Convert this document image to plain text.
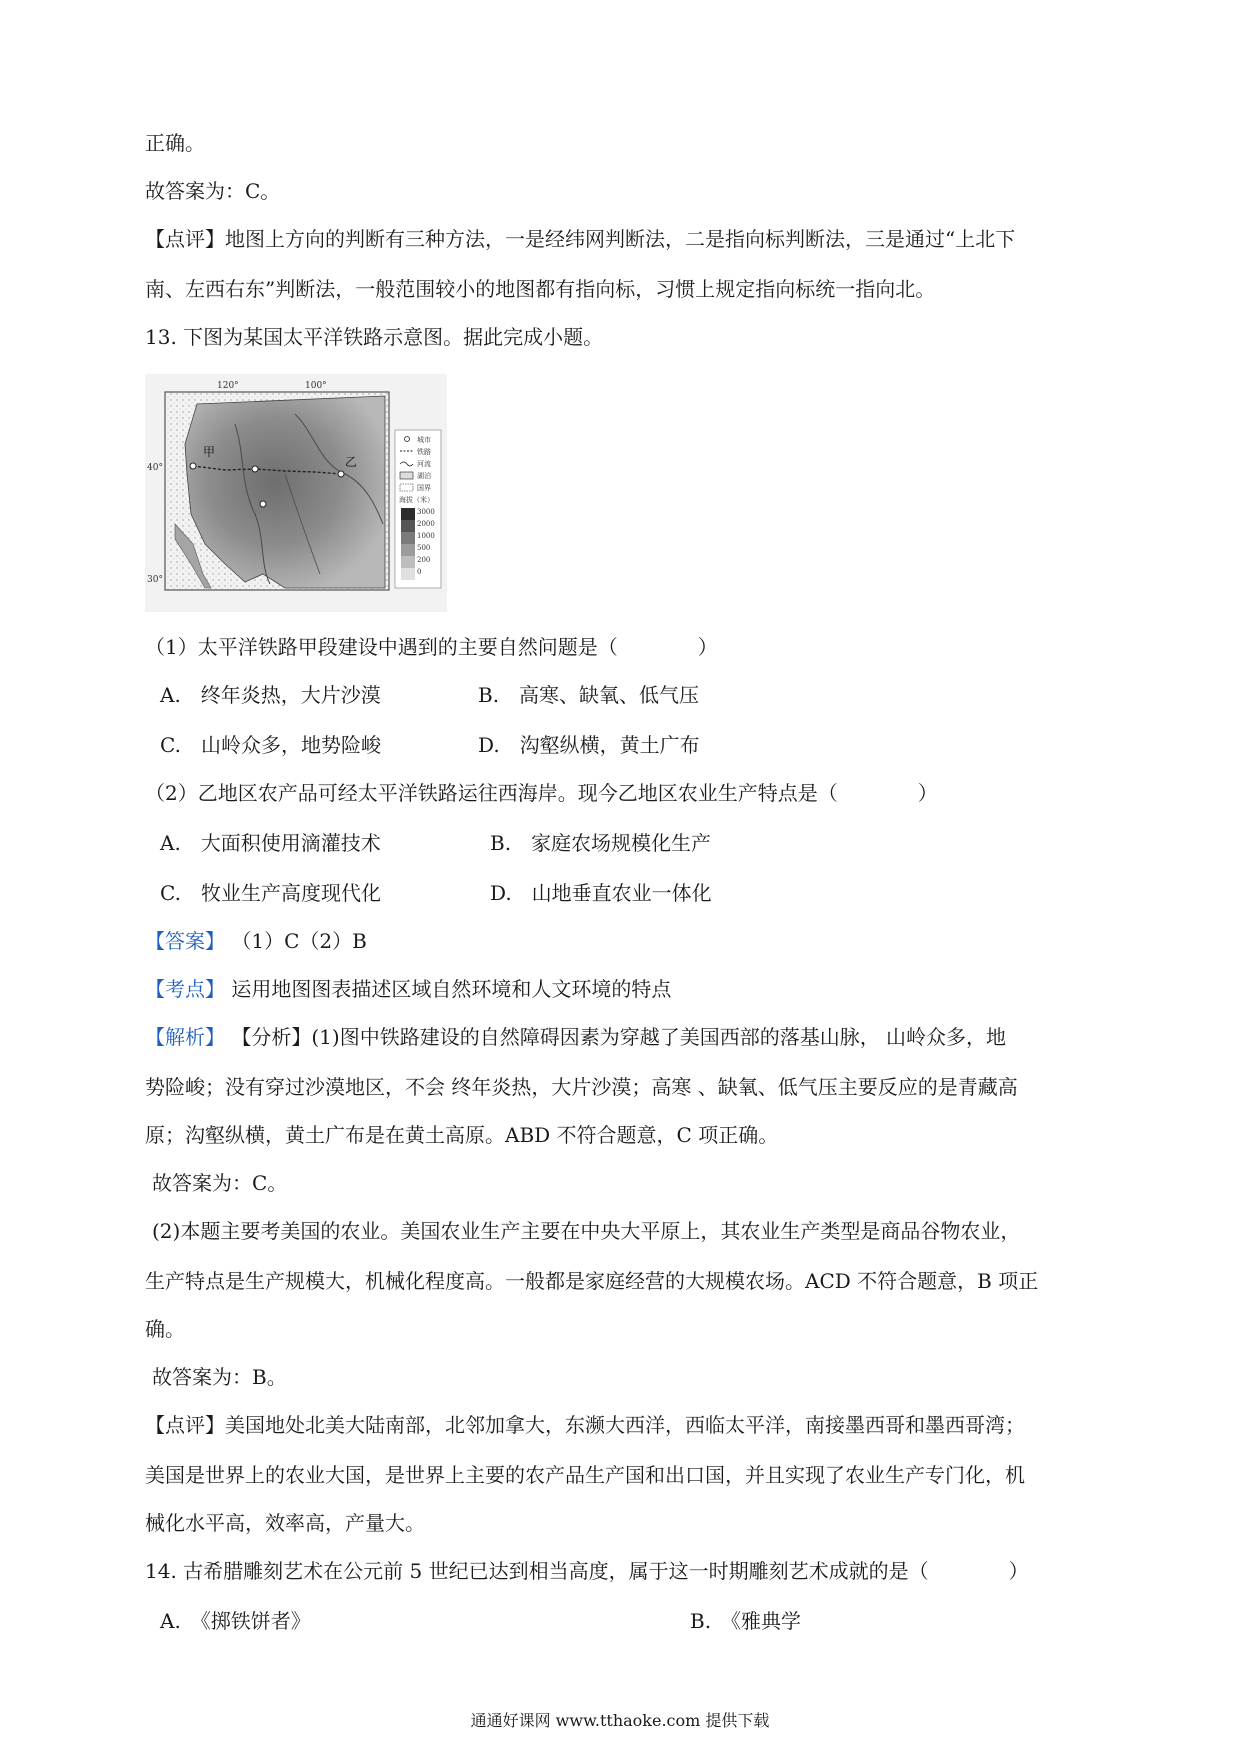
正确。
故答案为：C。
【点评】地图上方向的判断有三种方法，一是经纬网判断法，二是指向标判断法，三是通过“上北下
南、左西右东”判断法，一般范围较小的地图都有指向标，习惯上规定指向标统一指向北。
13. 下图为某国太平洋铁路示意图。据此完成小题。
甲
乙
120°	100°
40°
30°
城市
铁路
河流
湖泊
国界
海拔（米）
3000
2000
1000
500
200
0
（1）太平洋铁路甲段建设中遇到的主要自然问题是（　　　　）
A.　终年炎热，大片沙漠	B.　高寒、缺氧、低气压
C.　山岭众多，地势险峻	D.　沟壑纵横，黄土广布
（2）乙地区农产品可经太平洋铁路运往西海岸。现今乙地区农业生产特点是（　　　　）
A.　大面积使用滴灌技术	B.　家庭农场规模化生产
C.　牧业生产高度现代化	D.　山地垂直农业一体化
【答案】 （1）C（2）B
【考点】 运用地图图表描述区域自然环境和人文环境的特点
【解析】 【分析】(1)图中铁路建设的自然障碍因素为穿越了美国西部的落基山脉， 山岭众多，地
势险峻；没有穿过沙漠地区，不会 终年炎热，大片沙漠；高寒 、缺氧、低气压主要反应的是青藏高
原；沟壑纵横，黄土广布是在黄土高原。ABD 不符合题意，C 项正确。
故答案为：C。
(2)本题主要考美国的农业。美国农业生产主要在中央大平原上，其农业生产类型是商品谷物农业，
生产特点是生产规模大，机械化程度高。一般都是家庭经营的大规模农场。ACD 不符合题意，B 项正
确。
故答案为：B。
【点评】美国地处北美大陆南部，北邻加拿大，东濒大西洋，西临太平洋，南接墨西哥和墨西哥湾；
美国是世界上的农业大国，是世界上主要的农产品生产国和出口国，并且实现了农业生产专门化，机
械化水平高，效率高，产量大。
14. 古希腊雕刻艺术在公元前 5 世纪已达到相当高度，属于这一时期雕刻艺术成就的是（　　　　）
A.　《掷铁饼者》	B.　《雅典学
通通好课网 www.tthaoke.com 提供下载
